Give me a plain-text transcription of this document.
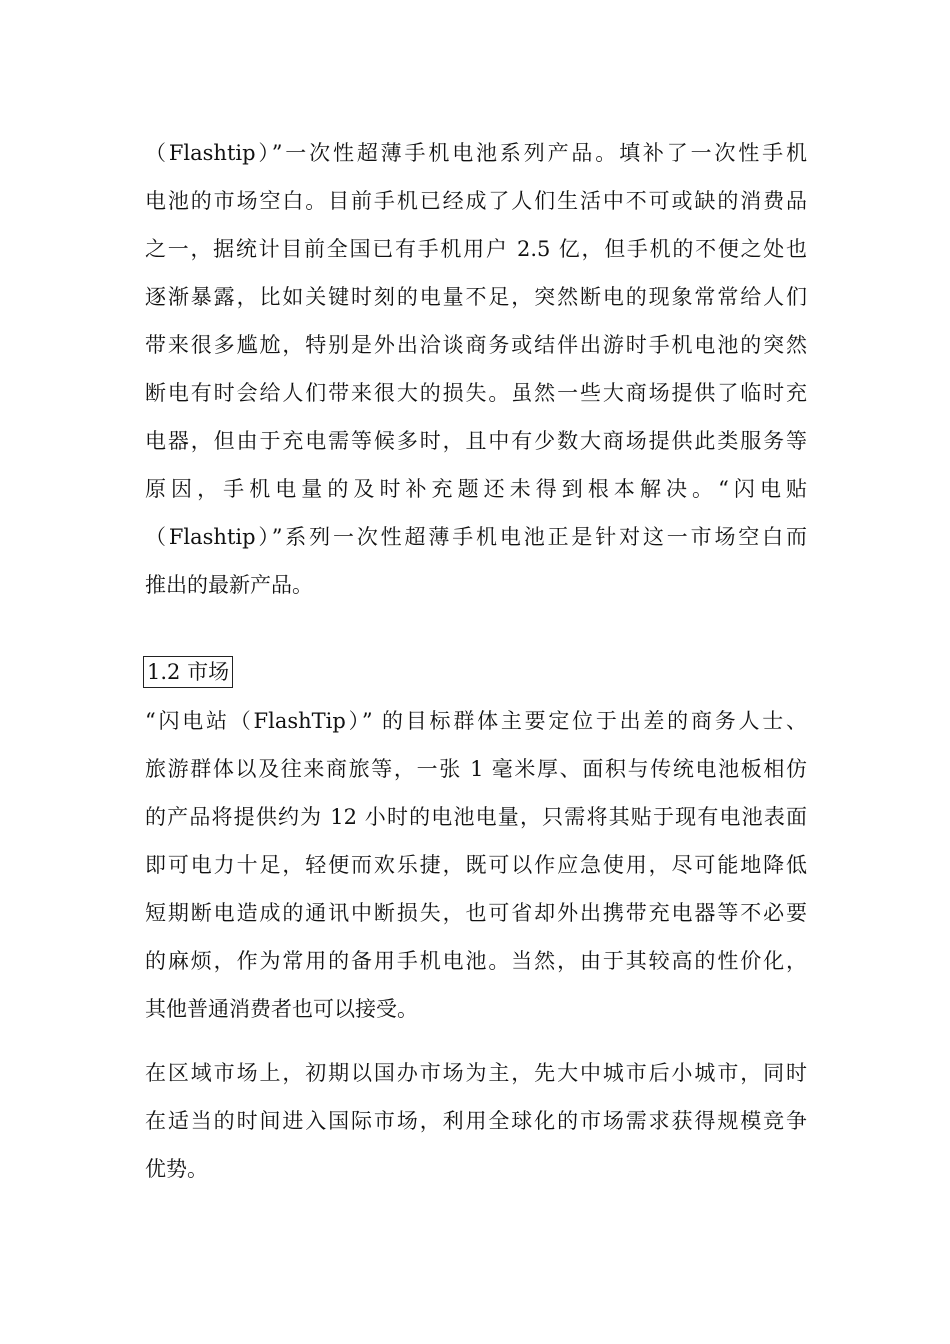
（Flashtip）”一次性超薄手机电池系列产品。填补了一次性手机
电池的市场空白。目前手机已经成了人们生活中不可或缺的消费品
之一，据统计目前全国已有手机用户 2.5 亿，但手机的不便之处也
逐渐暴露，比如关键时刻的电量不足，突然断电的现象常常给人们
带来很多尴尬，特别是外出洽谈商务或结伴出游时手机电池的突然
断电有时会给人们带来很大的损失。虽然一些大商场提供了临时充
电器，但由于充电需等候多时，且中有少数大商场提供此类服务等
原因，手机电量的及时补充题还未得到根本解决。“闪电贴
（Flashtip）”系列一次性超薄手机电池正是针对这一市场空白而
推出的最新产品。
1.2 市场
“闪电站（FlashTip）” 的目标群体主要定位于出差的商务人士、
旅游群体以及往来商旅等，一张 1 毫米厚、面积与传统电池板相仿
的产品将提供约为 12 小时的电池电量，只需将其贴于现有电池表面
即可电力十足，轻便而欢乐捷，既可以作应急使用，尽可能地降低
短期断电造成的通讯中断损失，也可省却外出携带充电器等不必要
的麻烦，作为常用的备用手机电池。当然，由于其较高的性价化，
其他普通消费者也可以接受。
在区域市场上，初期以国办市场为主，先大中城市后小城市，同时
在适当的时间进入国际市场，利用全球化的市场需求获得规模竞争
优势。
